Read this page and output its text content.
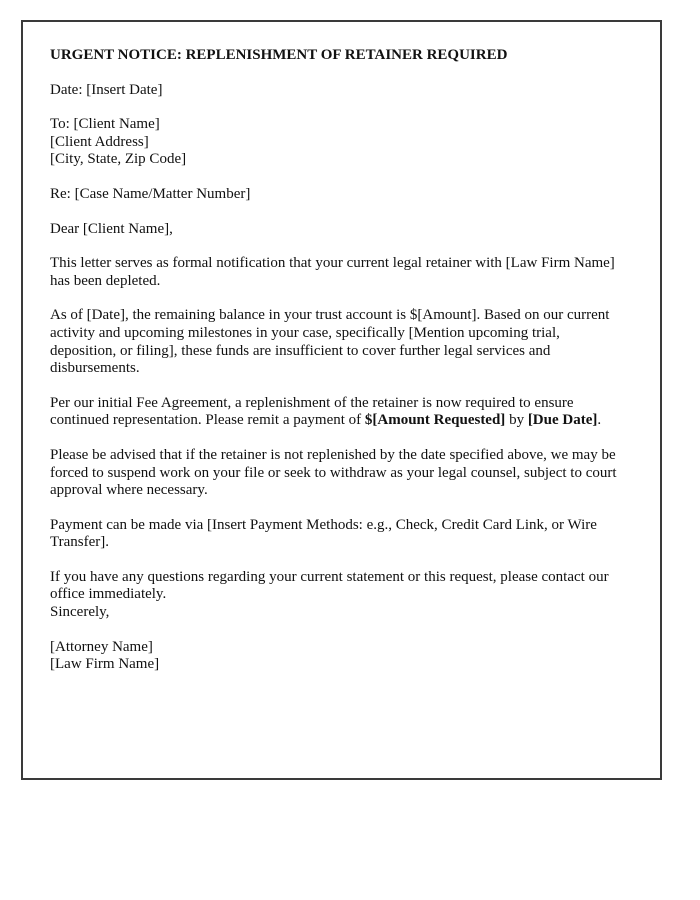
URGENT NOTICE: REPLENISHMENT OF RETAINER REQUIRED

Date: [Insert Date]

To: [Client Name]
[Client Address]
[City, State, Zip Code]

Re: [Case Name/Matter Number]

Dear [Client Name],

This letter serves as formal notification that your current legal retainer with [Law Firm Name] has been depleted.

As of [Date], the remaining balance in your trust account is $[Amount]. Based on our current activity and upcoming milestones in your case, specifically [Mention upcoming trial, deposition, or filing], these funds are insufficient to cover further legal services and disbursements.

Per our initial Fee Agreement, a replenishment of the retainer is now required to ensure continued representation. Please remit a payment of $[Amount Requested] by [Due Date].

Please be advised that if the retainer is not replenished by the date specified above, we may be forced to suspend work on your file or seek to withdraw as your legal counsel, subject to court approval where necessary.

Payment can be made via [Insert Payment Methods: e.g., Check, Credit Card Link, or Wire Transfer].

If you have any questions regarding your current statement or this request, please contact our office immediately.

Sincerely,

[Attorney Name]
[Law Firm Name]
